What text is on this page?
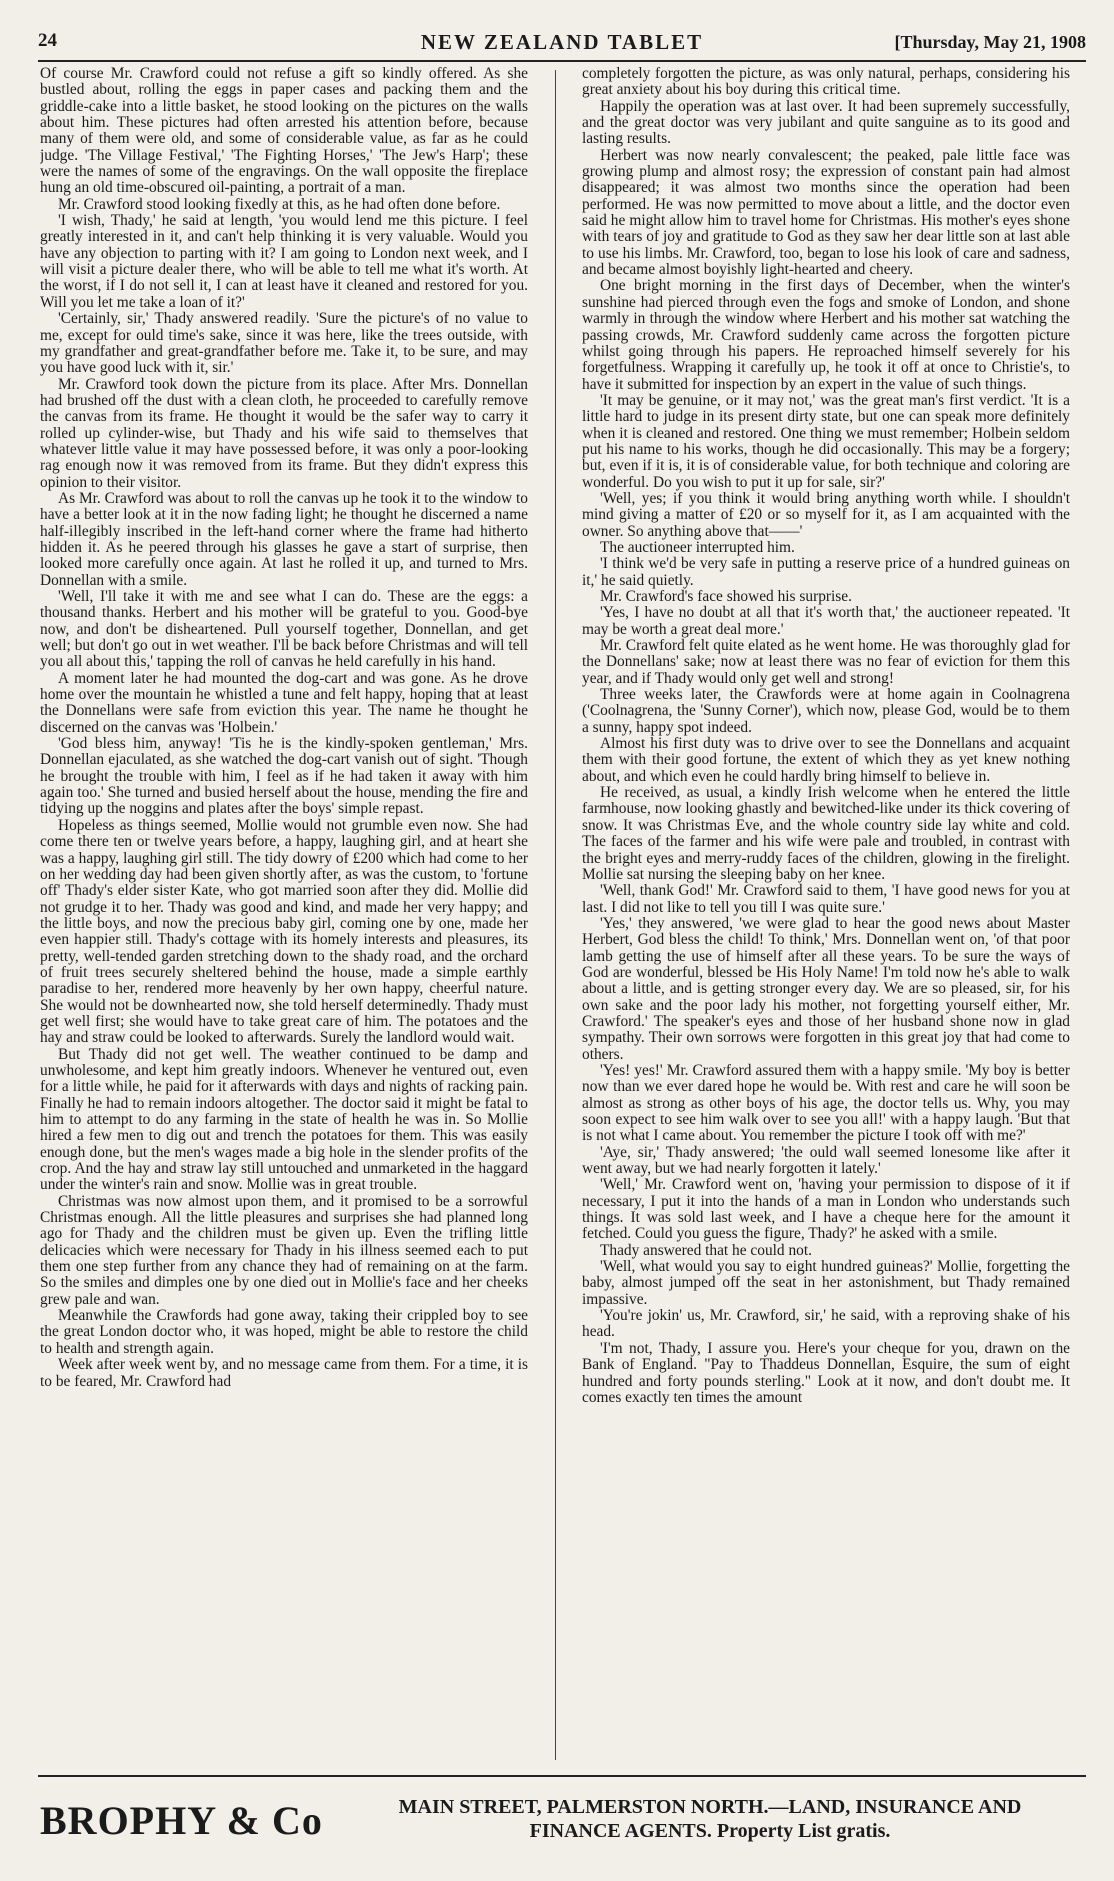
24	NEW ZEALAND TABLET	[Thursday, May 21, 1908

Of course Mr. Crawford could not refuse a gift so kindly offered. As she bustled about, rolling the eggs in paper cases and packing them and the griddle-cake into a little basket, he stood looking on the pictures on the walls about him. These pictures had often arrested his attention before, because many of them were old, and some of considerable value, as far as he could judge. 'The Village Festival,' 'The Fighting Horses,' 'The Jew's Harp'; these were the names of some of the engravings. On the wall opposite the fireplace hung an old time-obscured oil-painting, a portrait of a man.

Mr. Crawford stood looking fixedly at this, as he had often done before.

'I wish, Thady,' he said at length, 'you would lend me this picture. I feel greatly interested in it, and can't help thinking it is very valuable. Would you have any objection to parting with it? I am going to London next week, and I will visit a picture dealer there, who will be able to tell me what it's worth. At the worst, if I do not sell it, I can at least have it cleaned and restored for you. Will you let me take a loan of it?'

'Certainly, sir,' Thady answered readily. 'Sure the picture's of no value to me, except for ould time's sake, since it was here, like the trees outside, with my grandfather and great-grandfather before me. Take it, to be sure, and may you have good luck with it, sir.'

Mr. Crawford took down the picture from its place. After Mrs. Donnellan had brushed off the dust with a clean cloth, he proceeded to carefully remove the canvas from its frame. He thought it would be the safer way to carry it rolled up cylinder-wise, but Thady and his wife said to themselves that whatever little value it may have possessed before, it was only a poor-looking rag enough now it was removed from its frame. But they didn't express this opinion to their visitor.

As Mr. Crawford was about to roll the canvas up he took it to the window to have a better look at it in the now fading light; he thought he discerned a name half-illegibly inscribed in the left-hand corner where the frame had hitherto hidden it. As he peered through his glasses he gave a start of surprise, then looked more carefully once again. At last he rolled it up, and turned to Mrs. Donnellan with a smile.

'Well, I'll take it with me and see what I can do. These are the eggs: a thousand thanks. Herbert and his mother will be grateful to you. Good-bye now, and don't be disheartened. Pull yourself together, Donnellan, and get well; but don't go out in wet weather. I'll be back before Christmas and will tell you all about this,' tapping the roll of canvas he held carefully in his hand.

A moment later he had mounted the dog-cart and was gone. As he drove home over the mountain he whistled a tune and felt happy, hoping that at least the Donnellans were safe from eviction this year. The name he thought he discerned on the canvas was 'Holbein.'

'God bless him, anyway! 'Tis he is the kindly-spoken gentleman,' Mrs. Donnellan ejaculated, as she watched the dog-cart vanish out of sight. 'Though he brought the trouble with him, I feel as if he had taken it away with him again too.' She turned and busied herself about the house, mending the fire and tidying up the noggins and plates after the boys' simple repast.

Hopeless as things seemed, Mollie would not grumble even now. She had come there ten or twelve years before, a happy, laughing girl, and at heart she was a happy, laughing girl still. The tidy dowry of £200 which had come to her on her wedding day had been given shortly after, as was the custom, to 'fortune off' Thady's elder sister Kate, who got married soon after they did. Mollie did not grudge it to her. Thady was good and kind, and made her very happy; and the little boys, and now the precious baby girl, coming one by one, made her even happier still. Thady's cottage with its homely interests and pleasures, its pretty, well-tended garden stretching down to the shady road, and the orchard of fruit trees securely sheltered behind the house, made a simple earthly paradise to her, rendered more heavenly by her own happy, cheerful nature. She would not be downhearted now, she told herself determinedly. Thady must get well first; she would have to take great care of him. The potatoes and the hay and straw could be looked to afterwards. Surely the landlord would wait.

But Thady did not get well. The weather continued to be damp and unwholesome, and kept him greatly indoors. Whenever he ventured out, even for a little while, he paid for it afterwards with days and nights of racking pain. Finally he had to remain indoors altogether. The doctor said it might be fatal to him to attempt to do any farming in the state of health he was in. So Mollie hired a few men to dig out and trench the potatoes for them. This was easily enough done, but the men's wages made a big hole in the slender profits of the crop. And the hay and straw lay still untouched and unmarketed in the haggard under the winter's rain and snow. Mollie was in great trouble.

Christmas was now almost upon them, and it promised to be a sorrowful Christmas enough. All the little pleasures and surprises she had planned long ago for Thady and the children must be given up. Even the trifling little delicacies which were necessary for Thady in his illness seemed each to put them one step further from any chance they had of remaining on at the farm. So the smiles and dimples one by one died out in Mollie's face and her cheeks grew pale and wan.

Meanwhile the Crawfords had gone away, taking their crippled boy to see the great London doctor who, it was hoped, might be able to restore the child to health and strength again.

Week after week went by, and no message came from them. For a time, it is to be feared, Mr. Crawford had

completely forgotten the picture, as was only natural, perhaps, considering his great anxiety about his boy during this critical time.

Happily the operation was at last over. It had been supremely successfully, and the great doctor was very jubilant and quite sanguine as to its good and lasting results.

Herbert was now nearly convalescent; the peaked, pale little face was growing plump and almost rosy; the expression of constant pain had almost disappeared; it was almost two months since the operation had been performed. He was now permitted to move about a little, and the doctor even said he might allow him to travel home for Christmas. His mother's eyes shone with tears of joy and gratitude to God as they saw her dear little son at last able to use his limbs. Mr. Crawford, too, began to lose his look of care and sadness, and became almost boyishly light-hearted and cheery.

One bright morning in the first days of December, when the winter's sunshine had pierced through even the fogs and smoke of London, and shone warmly in through the window where Herbert and his mother sat watching the passing crowds, Mr. Crawford suddenly came across the forgotten picture whilst going through his papers. He reproached himself severely for his forgetfulness. Wrapping it carefully up, he took it off at once to Christie's, to have it submitted for inspection by an expert in the value of such things.

'It may be genuine, or it may not,' was the great man's first verdict. 'It is a little hard to judge in its present dirty state, but one can speak more definitely when it is cleaned and restored. One thing we must remember; Holbein seldom put his name to his works, though he did occasionally. This may be a forgery; but, even if it is, it is of considerable value, for both technique and coloring are wonderful. Do you wish to put it up for sale, sir?'

'Well, yes; if you think it would bring anything worth while. I shouldn't mind giving a matter of £20 or so myself for it, as I am acquainted with the owner. So anything above that——'

The auctioneer interrupted him.

'I think we'd be very safe in putting a reserve price of a hundred guineas on it,' he said quietly.

Mr. Crawford's face showed his surprise.

'Yes, I have no doubt at all that it's worth that,' the auctioneer repeated. 'It may be worth a great deal more.'

Mr. Crawford felt quite elated as he went home. He was thoroughly glad for the Donnellans' sake; now at least there was no fear of eviction for them this year, and if Thady would only get well and strong!

Three weeks later, the Crawfords were at home again in Coolnagrena ('Coolnagrena, the 'Sunny Corner'), which now, please God, would be to them a sunny, happy spot indeed.

Almost his first duty was to drive over to see the Donnellans and acquaint them with their good fortune, the extent of which they as yet knew nothing about, and which even he could hardly bring himself to believe in.

He received, as usual, a kindly Irish welcome when he entered the little farmhouse, now looking ghastly and bewitched-like under its thick covering of snow. It was Christmas Eve, and the whole country side lay white and cold. The faces of the farmer and his wife were pale and troubled, in contrast with the bright eyes and merry-ruddy faces of the children, glowing in the firelight. Mollie sat nursing the sleeping baby on her knee.

'Well, thank God!' Mr. Crawford said to them, 'I have good news for you at last. I did not like to tell you till I was quite sure.'

'Yes,' they answered, 'we were glad to hear the good news about Master Herbert, God bless the child! To think,' Mrs. Donnellan went on, 'of that poor lamb getting the use of himself after all these years. To be sure the ways of God are wonderful, blessed be His Holy Name! I'm told now he's able to walk about a little, and is getting stronger every day. We are so pleased, sir, for his own sake and the poor lady his mother, not forgetting yourself either, Mr. Crawford.' The speaker's eyes and those of her husband shone now in glad sympathy. Their own sorrows were forgotten in this great joy that had come to others.

'Yes! yes!' Mr. Crawford assured them with a happy smile. 'My boy is better now than we ever dared hope he would be. With rest and care he will soon be almost as strong as other boys of his age, the doctor tells us. Why, you may soon expect to see him walk over to see you all!' with a happy laugh. 'But that is not what I came about. You remember the picture I took off with me?'

'Aye, sir,' Thady answered; 'the ould wall seemed lonesome like after it went away, but we had nearly forgotten it lately.'

'Well,' Mr. Crawford went on, 'having your permission to dispose of it if necessary, I put it into the hands of a man in London who understands such things. It was sold last week, and I have a cheque here for the amount it fetched. Could you guess the figure, Thady?' he asked with a smile.

Thady answered that he could not.

'Well, what would you say to eight hundred guineas?' Mollie, forgetting the baby, almost jumped off the seat in her astonishment, but Thady remained impassive.

'You're jokin' us, Mr. Crawford, sir,' he said, with a reproving shake of his head.

'I'm not, Thady, I assure you. Here's your cheque for you, drawn on the Bank of England. "Pay to Thaddeus Donnellan, Esquire, the sum of eight hundred and forty pounds sterling." Look at it now, and don't doubt me. It comes exactly ten times the amount

BROPHY & Co	MAIN STREET, PALMERSTON NORTH.—LAND, INSURANCE AND
FINANCE AGENTS. Property List gratis.
